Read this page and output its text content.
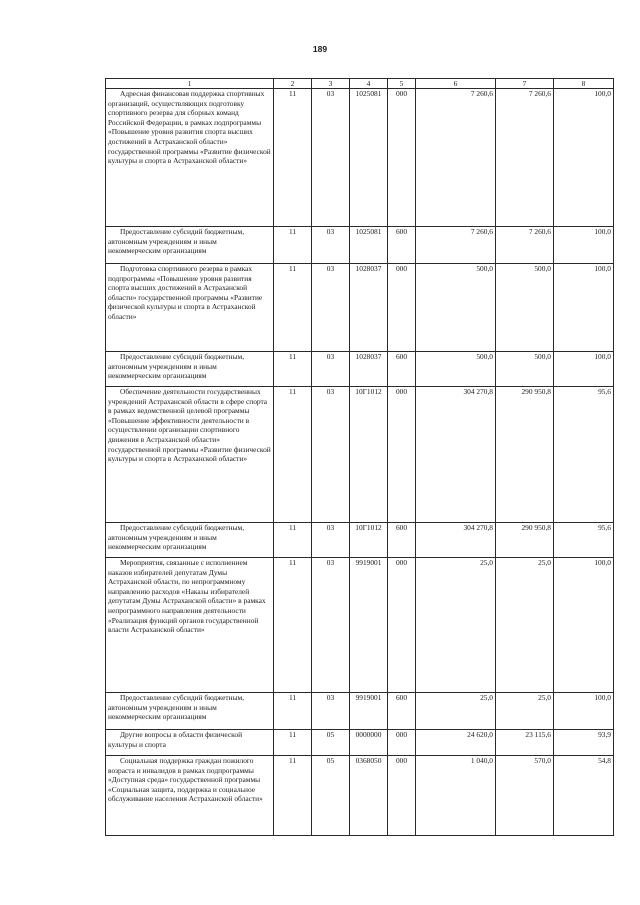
189
1	2	3	4	5	6	7	8
Адресная финансовая поддержка спортивных организаций, осуществляющих подготовку спортивного резерва для сборных команд Российской Федерации, в рамках подпрограммы «Повышение уровня развития спорта высших достижений в Астраханской области» государственной программы «Развитие физической культуры и спорта в Астраханской области»	11	03	1025081	000	7 260,6	7 260,6	100,0
Предоставление субсидий бюджетным, автономным учреждениям и иным некоммерческим организациям	11	03	1025081	600	7 260,6	7 260,6	100,0
Подготовка спортивного резерва в рамках подпрограммы «Повышение уровня развития спорта высших достижений в Астраханской области» государственной программы «Развитие физической культуры и спорта в Астраханской области»	11	03	1028037	000	500,0	500,0	100,0
Предоставление субсидий бюджетным, автономным учреждениям и иным некоммерческим организациям	11	03	1028037	600	500,0	500,0	100,0
Обеспечение деятельности государственных учреждений Астраханской области в сфере спорта в рамках ведомственной целевой программы «Повышение эффективности деятельности в осуществлении организации спортивного движения в Астраханской области» государственной программы «Развитие физической культуры и спорта в Астраханской области»	11	03	10Г1012	000	304 270,8	290 950,8	95,6
Предоставление субсидий бюджетным, автономным учреждениям и иным некоммерческим организациям	11	03	10Г1012	600	304 270,8	290 950,8	95,6
Мероприятия, связанные с исполнением наказов избирателей депутатам Думы Астраханской области, по непрограммному направлению расходов «Наказы избирателей депутатам Думы Астраханской области» в рамках непрограммного направления деятельности «Реализация функций органов государственной власти Астраханской области»	11	03	9919001	000	25,0	25,0	100,0
Предоставление субсидий бюджетным, автономным учреждениям и иным некоммерческим организациям	11	03	9919001	600	25,0	25,0	100,0
Другие вопросы в области физической культуры и спорта	11	05	0000000	000	24 620,0	23 115,6	93,9
Социальная поддержка граждан пожилого возраста и инвалидов в рамках подпрограммы «Доступная среда» государственной программы «Социальная защита, поддержка и социальное обслуживание населения Астраханской области»	11	05	0368050	000	1 040,0	570,0	54,8
